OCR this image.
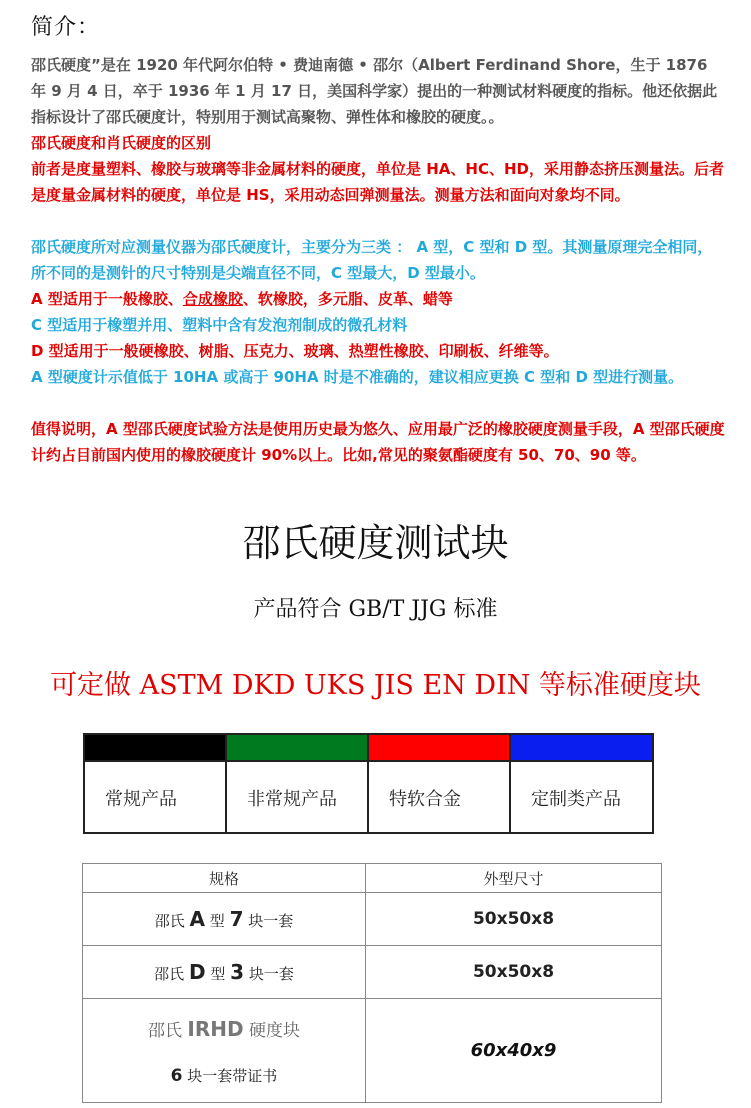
简介：

邵氏硬度”是在 1920 年代阿尔伯特 • 费迪南德 • 邵尔（Albert Ferdinand Shore，生于 1876 年 9 月 4 日，卒于 1936 年 1 月 17 日，美国科学家）提出的一种测试材料硬度的指标。他还依据此指标设计了邵氏硬度计，特别用于测试高聚物、弹性体和橡胶的硬度。。

邵氏硬度和肖氏硬度的区别

前者是度量塑料、橡胶与玻璃等非金属材料的硬度，单位是 HA、HC、HD，采用静态挤压测量法。后者是度量金属材料的硬度，单位是 HS，采用动态回弹测量法。测量方法和面向对象均不同。

邵氏硬度所对应测量仪器为邵氏硬度计，主要分为三类 ： A 型，C 型和 D 型。其测量原理完全相同，所不同的是测针的尺寸特别是尖端直径不同，C 型最大，D 型最小。

A 型适用于一般橡胶、合成橡胶、软橡胶，多元脂、皮革、蜡等

C 型适用于橡塑并用、塑料中含有发泡剂制成的微孔材料

D 型适用于一般硬橡胶、树脂、压克力、玻璃、热塑性橡胶、印刷板、纤维等。

A 型硬度计示值低于 10HA 或高于 90HA 时是不准确的，建议相应更换 C 型和 D 型进行测量。

值得说明，A 型邵氏硬度试验方法是使用历史最为悠久、应用最广泛的橡胶硬度测量手段，A 型邵氏硬度计约占目前国内使用的橡胶硬度计 90%以上。比如,常见的聚氨酯硬度有 50、70、90 等。

邵氏硬度测试块
产品符合 GB/T JJG 标准
可定做 ASTM DKD UKS JIS EN DIN 等标准硬度块
常规产品	非常规产品	特软合金	定制类产品
规格	外型尺寸
邵氏 A 型 7 块一套	50x50x8
邵氏 D 型 3 块一套	50x50x8

邵氏 IRHD 硬度块
6 块一套带证书	60x40x9
